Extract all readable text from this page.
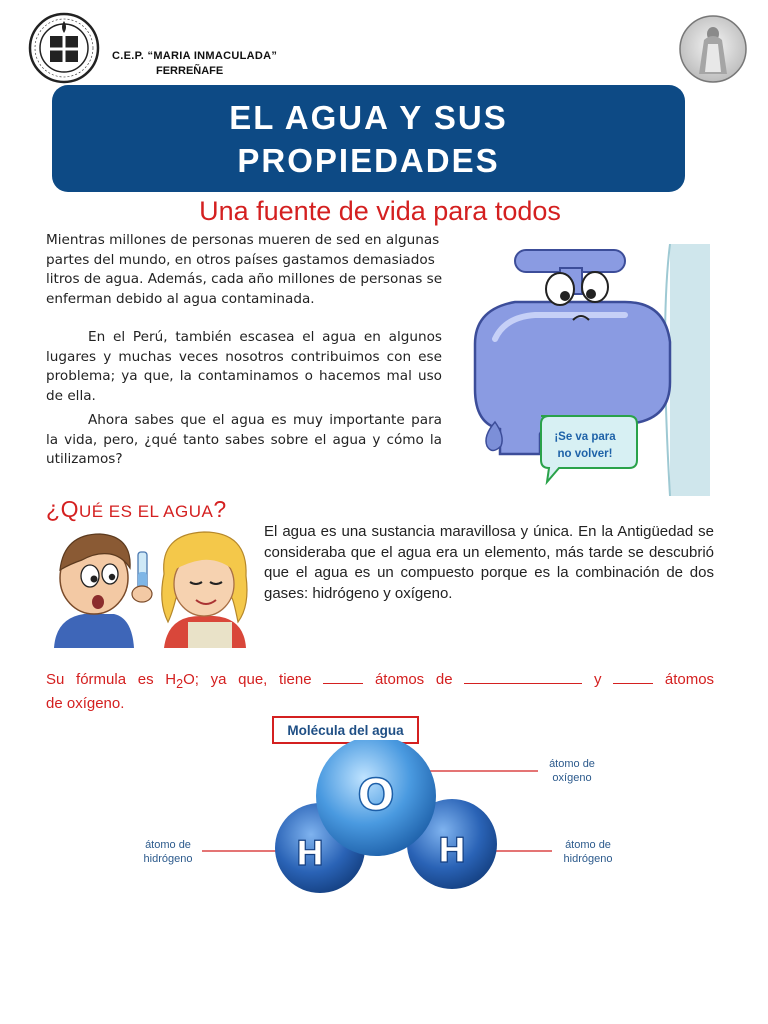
C.E.P. “MARIA INMACULADA”
FERREÑAFE
EL AGUA Y SUS
PROPIEDADES
Una fuente de vida para todos

Mientras millones de personas mueren de sed en algunas partes del mundo, en otros países gastamos demasiados litros de agua. Además, cada año millones de personas se enferman debido al agua contaminada.

En el Perú, también escasea el agua en algunos lugares y muchas veces nosotros contribuimos con ese problema; ya que, la contaminamos o hacemos mal uso de ella.

Ahora sabes que el agua es muy importante para la vida, pero, ¿qué tanto sabes sobre el agua y cómo la utilizamos?

¡Se va para
no volver!
¿QUÉ ES EL AGUA?

El agua es una sustancia maravillosa y única. En la Antigüedad se consideraba que el agua era un elemento, más tarde se descubrió que el agua es un compuesto porque es la combinación de dos gases: hidrógeno y oxígeno.

Su fórmula es $H_2O$; ya que, tiene	átomos de	y	átomos
de oxígeno.
Molécula del agua
O
H	H
átomo de
oxígeno
átomo de
hidrógeno
átomo de
hidrógeno
